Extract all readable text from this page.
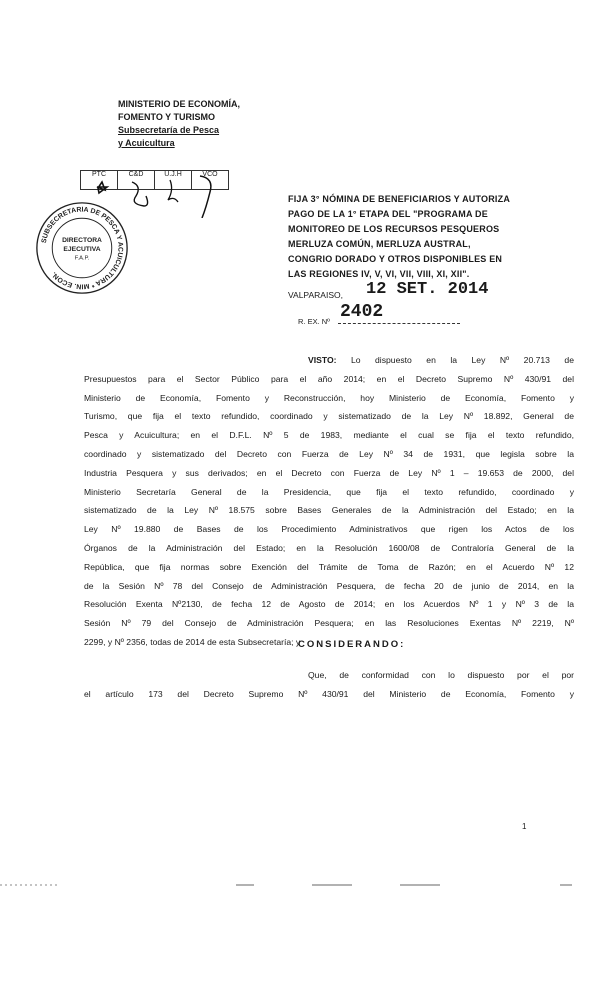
MINISTERIO DE ECONOMÍA,
FOMENTO Y TURISMO
Subsecretaría de Pesca
y Acuicultura
PTC	C&D	U.J.H	VCO
SUBSECRETARIA DE PESCA Y ACUICULTURA * MIN. ECON.
DIRECTORA
EJECUTIVA
F.A.P.
FIJA 3° NÓMINA DE BENEFICIARIOS Y AUTORIZA
PAGO DE LA 1° ETAPA DEL "PROGRAMA DE
MONITOREO DE LOS RECURSOS PESQUEROS
MERLUZA COMÚN, MERLUZA AUSTRAL,
CONGRIO DORADO Y OTROS DISPONIBLES EN
LAS REGIONES IV, V, VI, VII, VIII, XI, XII".
VALPARAISO, 12 SET. 2014
R. EX. Nº 2402
VISTO: Lo dispuesto en la Ley Nº 20.713 de
Presupuestos para el Sector Público para el año 2014; en el Decreto Supremo Nº 430/91 del
Ministerio de Economía, Fomento y Reconstrucción, hoy Ministerio de Economía, Fomento y
Turismo, que fija el texto refundido, coordinado y sistematizado de la Ley Nº 18.892, General de
Pesca y Acuicultura; en el D.F.L. Nº 5 de 1983, mediante el cual se fija el texto refundido,
coordinado y sistematizado del Decreto con Fuerza de Ley Nº 34 de 1931, que legisla sobre la
Industria Pesquera y sus derivados; en el Decreto con Fuerza de Ley Nº 1 – 19.653 de 2000, del
Ministerio Secretaría General de la Presidencia, que fija el texto refundido, coordinado y
sistematizado de la Ley Nº 18.575 sobre Bases Generales de la Administración del Estado; en la
Ley Nº 19.880 de Bases de los Procedimiento Administrativos que rigen los Actos de los
Órganos de la Administración del Estado; en la Resolución 1600/08 de Contraloría General de la
República, que fija normas sobre Exención del Trámite de Toma de Razón; en el Acuerdo Nº 12
de la Sesión Nº 78 del Consejo de Administración Pesquera, de fecha 20 de junio de 2014, en la
Resolución Exenta Nº2130, de fecha 12 de Agosto de 2014; en los Acuerdos Nº 1 y Nº 3 de la
Sesión Nº 79 del Consejo de Administración Pesquera; en las Resoluciones Exentas Nº 2219, Nº
2299, y Nº 2356, todas de 2014 de esta Subsecretaría; y
CONSIDERANDO:
Que, de conformidad con lo dispuesto por el por
el artículo 173 del Decreto Supremo Nº 430/91 del Ministerio de Economía, Fomento y
1
